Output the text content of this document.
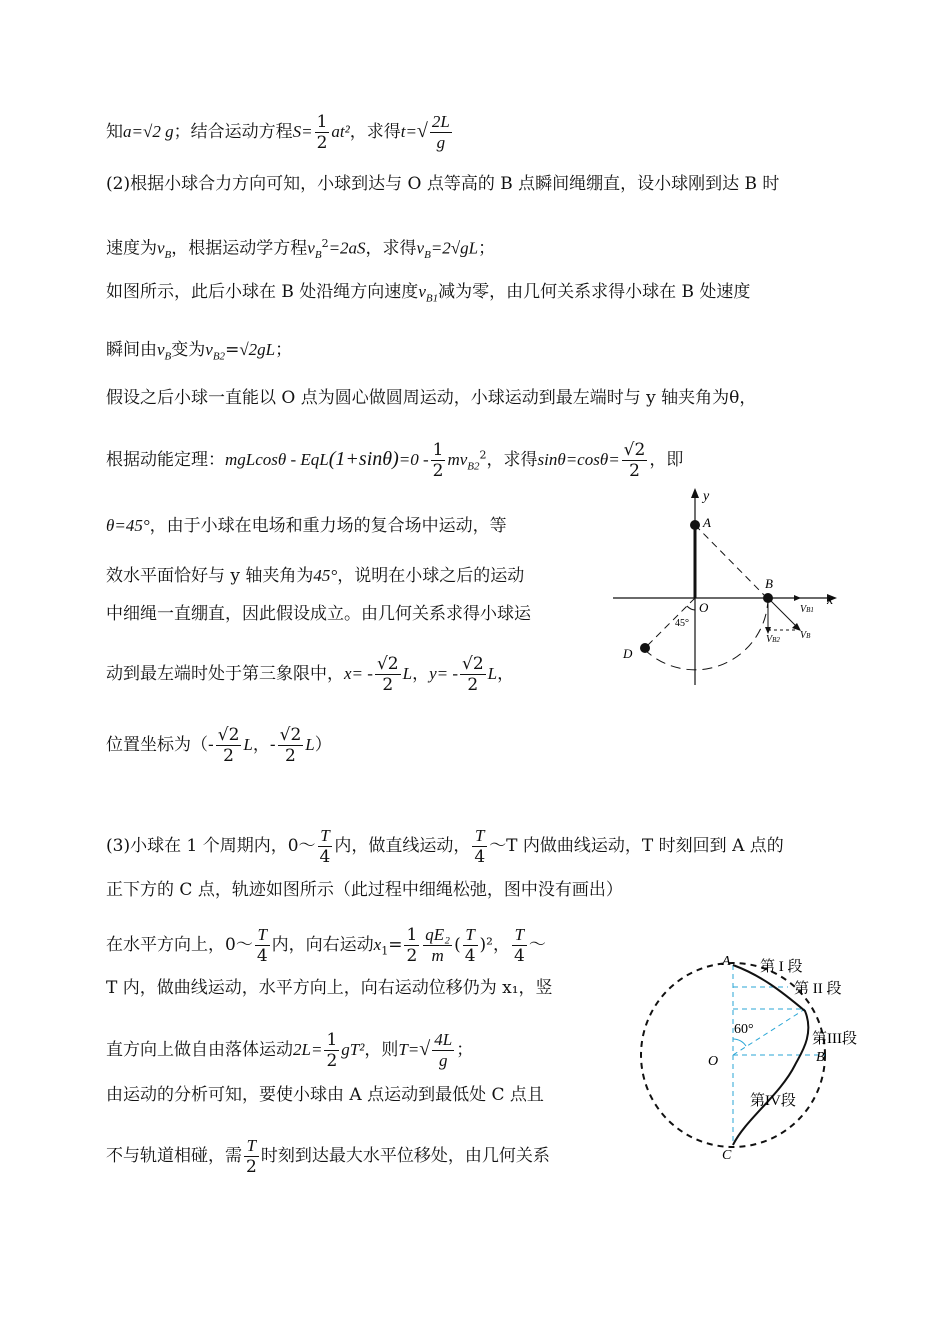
知a=√2 g；结合运动方程$S= \frac{1}{2} at^2$，求得$t=√ \frac{2L}{g}$
(2)根据小球合力方向可知，小球到达与 O 点等高的 B 点瞬间绳绷直，设小球刚到达 B 时
速度为$v_B$，根据运动学方程$v_B^2=2aS$，求得$v_B=2√gL$；
如图所示，此后小球在 B 处沿绳方向速度$v_{B1}$减为零，由几何关系求得小球在 B 处速度
瞬间由$v_B$变为$v_{B2}=√2gL$；
假设之后小球一直能以 O 点为圆心做圆周运动，小球运动到最左端时与 y 轴夹角为θ，
根据动能定理：$mgLcos\theta - EqL(1+\sin\theta)=0 - \frac{1}{2} mv_{B2}^2$，求得$\sin\theta=\cos\theta= \frac{√2}{2}$ ，即
θ=45°，由于小球在电场和重力场的复合场中运动，等
效水平面恰好与 y 轴夹角为45°，说明在小球之后的运动
中细绳一直绷直，因此假设成立。由几何关系求得小球运
动到最左端时处于第三象限中，$x= - \frac{√2}{2}$ L，$y= - \frac{√2}{2}$ L，
位置坐标为（- $\frac{√2}{2}$ L，- $\frac{√2}{2} L$）
(3)小球在 1 个周期内，0～ $\frac{T}{4}$ 内，做直线运动， $\frac{T}{4}$ ～T 内做曲线运动，T 时刻回到 A 点的
正下方的 C 点，轨迹如图所示（此过程中细绳松弛，图中没有画出）
在水平方向上，0～ $\frac{T}{4}$ 内，向右运动$x_1= \frac{1}{2} \frac{\text{qE₂}}{m}$ ( $\frac{T}{4} )^2$， $\frac{T}{4}$ ～
T 内，做曲线运动，水平方向上，向右运动位移仍为 x₁，竖
直方向上做自由落体运动$2L= \frac{1}{2} gT^2$，则$T=√ \frac{4L}{g}$ ；
由运动的分析可知，要使小球由 A 点运动到最低处 C 点且
不与轨道相碰，需 $\frac{T}{2}$ 时刻到达最大水平位移处，由几何关系
y
x
A
B
O
D
45°
VB1
VB
VB2
60°
A
O	B
C
第 I 段
第 II 段
第III段
第IV段
